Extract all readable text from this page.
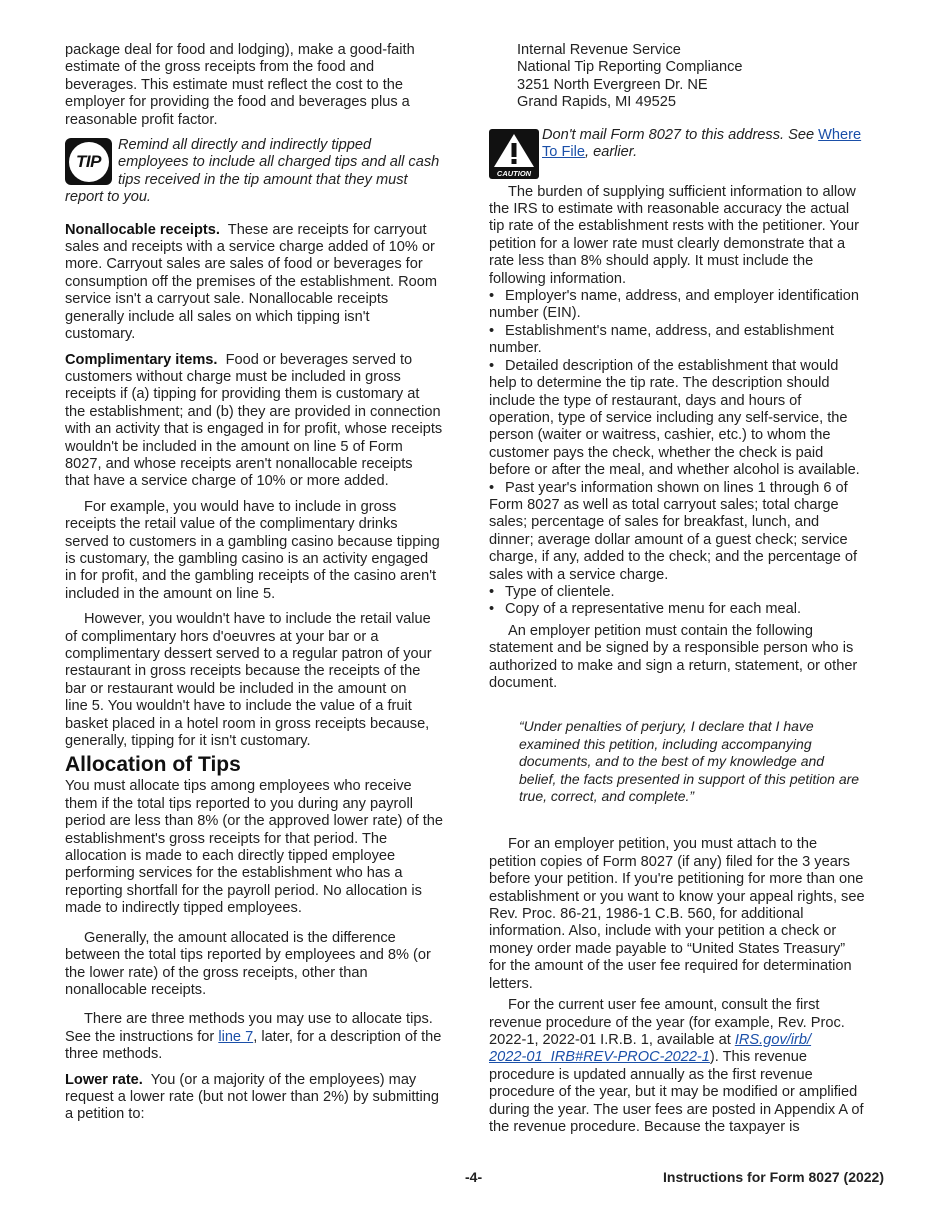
package deal for food and lodging), make a good-faith
estimate of the gross receipts from the food and
beverages. This estimate must reflect the cost to the
employer for providing the food and beverages plus a
reasonable profit factor.
TIP
Remind all directly and indirectly tipped
employees to include all charged tips and all cash
tips received in the tip amount that they must
report to you.
Nonallocable receipts. These are receipts for carryout
sales and receipts with a service charge added of 10% or
more. Carryout sales are sales of food or beverages for
consumption off the premises of the establishment. Room
service isn't a carryout sale. Nonallocable receipts
generally include all sales on which tipping isn't
customary.
Complimentary items. Food or beverages served to
customers without charge must be included in gross
receipts if (a) tipping for providing them is customary at
the establishment; and (b) they are provided in connection
with an activity that is engaged in for profit, whose receipts
wouldn't be included in the amount on line 5 of Form
8027, and whose receipts aren't nonallocable receipts
that have a service charge of 10% or more added.
For example, you would have to include in gross
receipts the retail value of the complimentary drinks
served to customers in a gambling casino because tipping
is customary, the gambling casino is an activity engaged
in for profit, and the gambling receipts of the casino aren't
included in the amount on line 5.
However, you wouldn't have to include the retail value
of complimentary hors d'oeuvres at your bar or a
complimentary dessert served to a regular patron of your
restaurant in gross receipts because the receipts of the
bar or restaurant would be included in the amount on
line 5. You wouldn't have to include the value of a fruit
basket placed in a hotel room in gross receipts because,
generally, tipping for it isn't customary.
Allocation of Tips
You must allocate tips among employees who receive
them if the total tips reported to you during any payroll
period are less than 8% (or the approved lower rate) of the
establishment's gross receipts for that period. The
allocation is made to each directly tipped employee
performing services for the establishment who has a
reporting shortfall for the payroll period. No allocation is
made to indirectly tipped employees.
Generally, the amount allocated is the difference
between the total tips reported by employees and 8% (or
the lower rate) of the gross receipts, other than
nonallocable receipts.
There are three methods you may use to allocate tips.
See the instructions for line 7, later, for a description of the
three methods.
Lower rate. You (or a majority of the employees) may
request a lower rate (but not lower than 2%) by submitting
a petition to:
Internal Revenue Service
National Tip Reporting Compliance
3251 North Evergreen Dr. NE
Grand Rapids, MI 49525
CAUTION
Don't mail Form 8027 to this address. See Where
To File, earlier.
The burden of supplying sufficient information to allow
the IRS to estimate with reasonable accuracy the actual
tip rate of the establishment rests with the petitioner. Your
petition for a lower rate must clearly demonstrate that a
rate less than 8% should apply. It must include the
following information.
• Employer's name, address, and employer identification
number (EIN).
• Establishment's name, address, and establishment
number.
• Detailed description of the establishment that would
help to determine the tip rate. The description should
include the type of restaurant, days and hours of
operation, type of service including any self-service, the
person (waiter or waitress, cashier, etc.) to whom the
customer pays the check, whether the check is paid
before or after the meal, and whether alcohol is available.
• Past year's information shown on lines 1 through 6 of
Form 8027 as well as total carryout sales; total charge
sales; percentage of sales for breakfast, lunch, and
dinner; average dollar amount of a guest check; service
charge, if any, added to the check; and the percentage of
sales with a service charge.
• Type of clientele.
• Copy of a representative menu for each meal.
An employer petition must contain the following
statement and be signed by a responsible person who is
authorized to make and sign a return, statement, or other
document.
“Under penalties of perjury, I declare that I have
examined this petition, including accompanying
documents, and to the best of my knowledge and
belief, the facts presented in support of this petition are
true, correct, and complete.”
For an employer petition, you must attach to the
petition copies of Form 8027 (if any) filed for the 3 years
before your petition. If you're petitioning for more than one
establishment or you want to know your appeal rights, see
Rev. Proc. 86-21, 1986-1 C.B. 560, for additional
information. Also, include with your petition a check or
money order made payable to “United States Treasury”
for the amount of the user fee required for determination
letters.
For the current user fee amount, consult the first
revenue procedure of the year (for example, Rev. Proc.
2022-1, 2022-01 I.R.B. 1, available at IRS.gov/irb/
2022-01_IRB#REV-PROC-2022-1). This revenue
procedure is updated annually as the first revenue
procedure of the year, but it may be modified or amplified
during the year. The user fees are posted in Appendix A of
the revenue procedure. Because the taxpayer is
-4-	Instructions for Form 8027 (2022)
